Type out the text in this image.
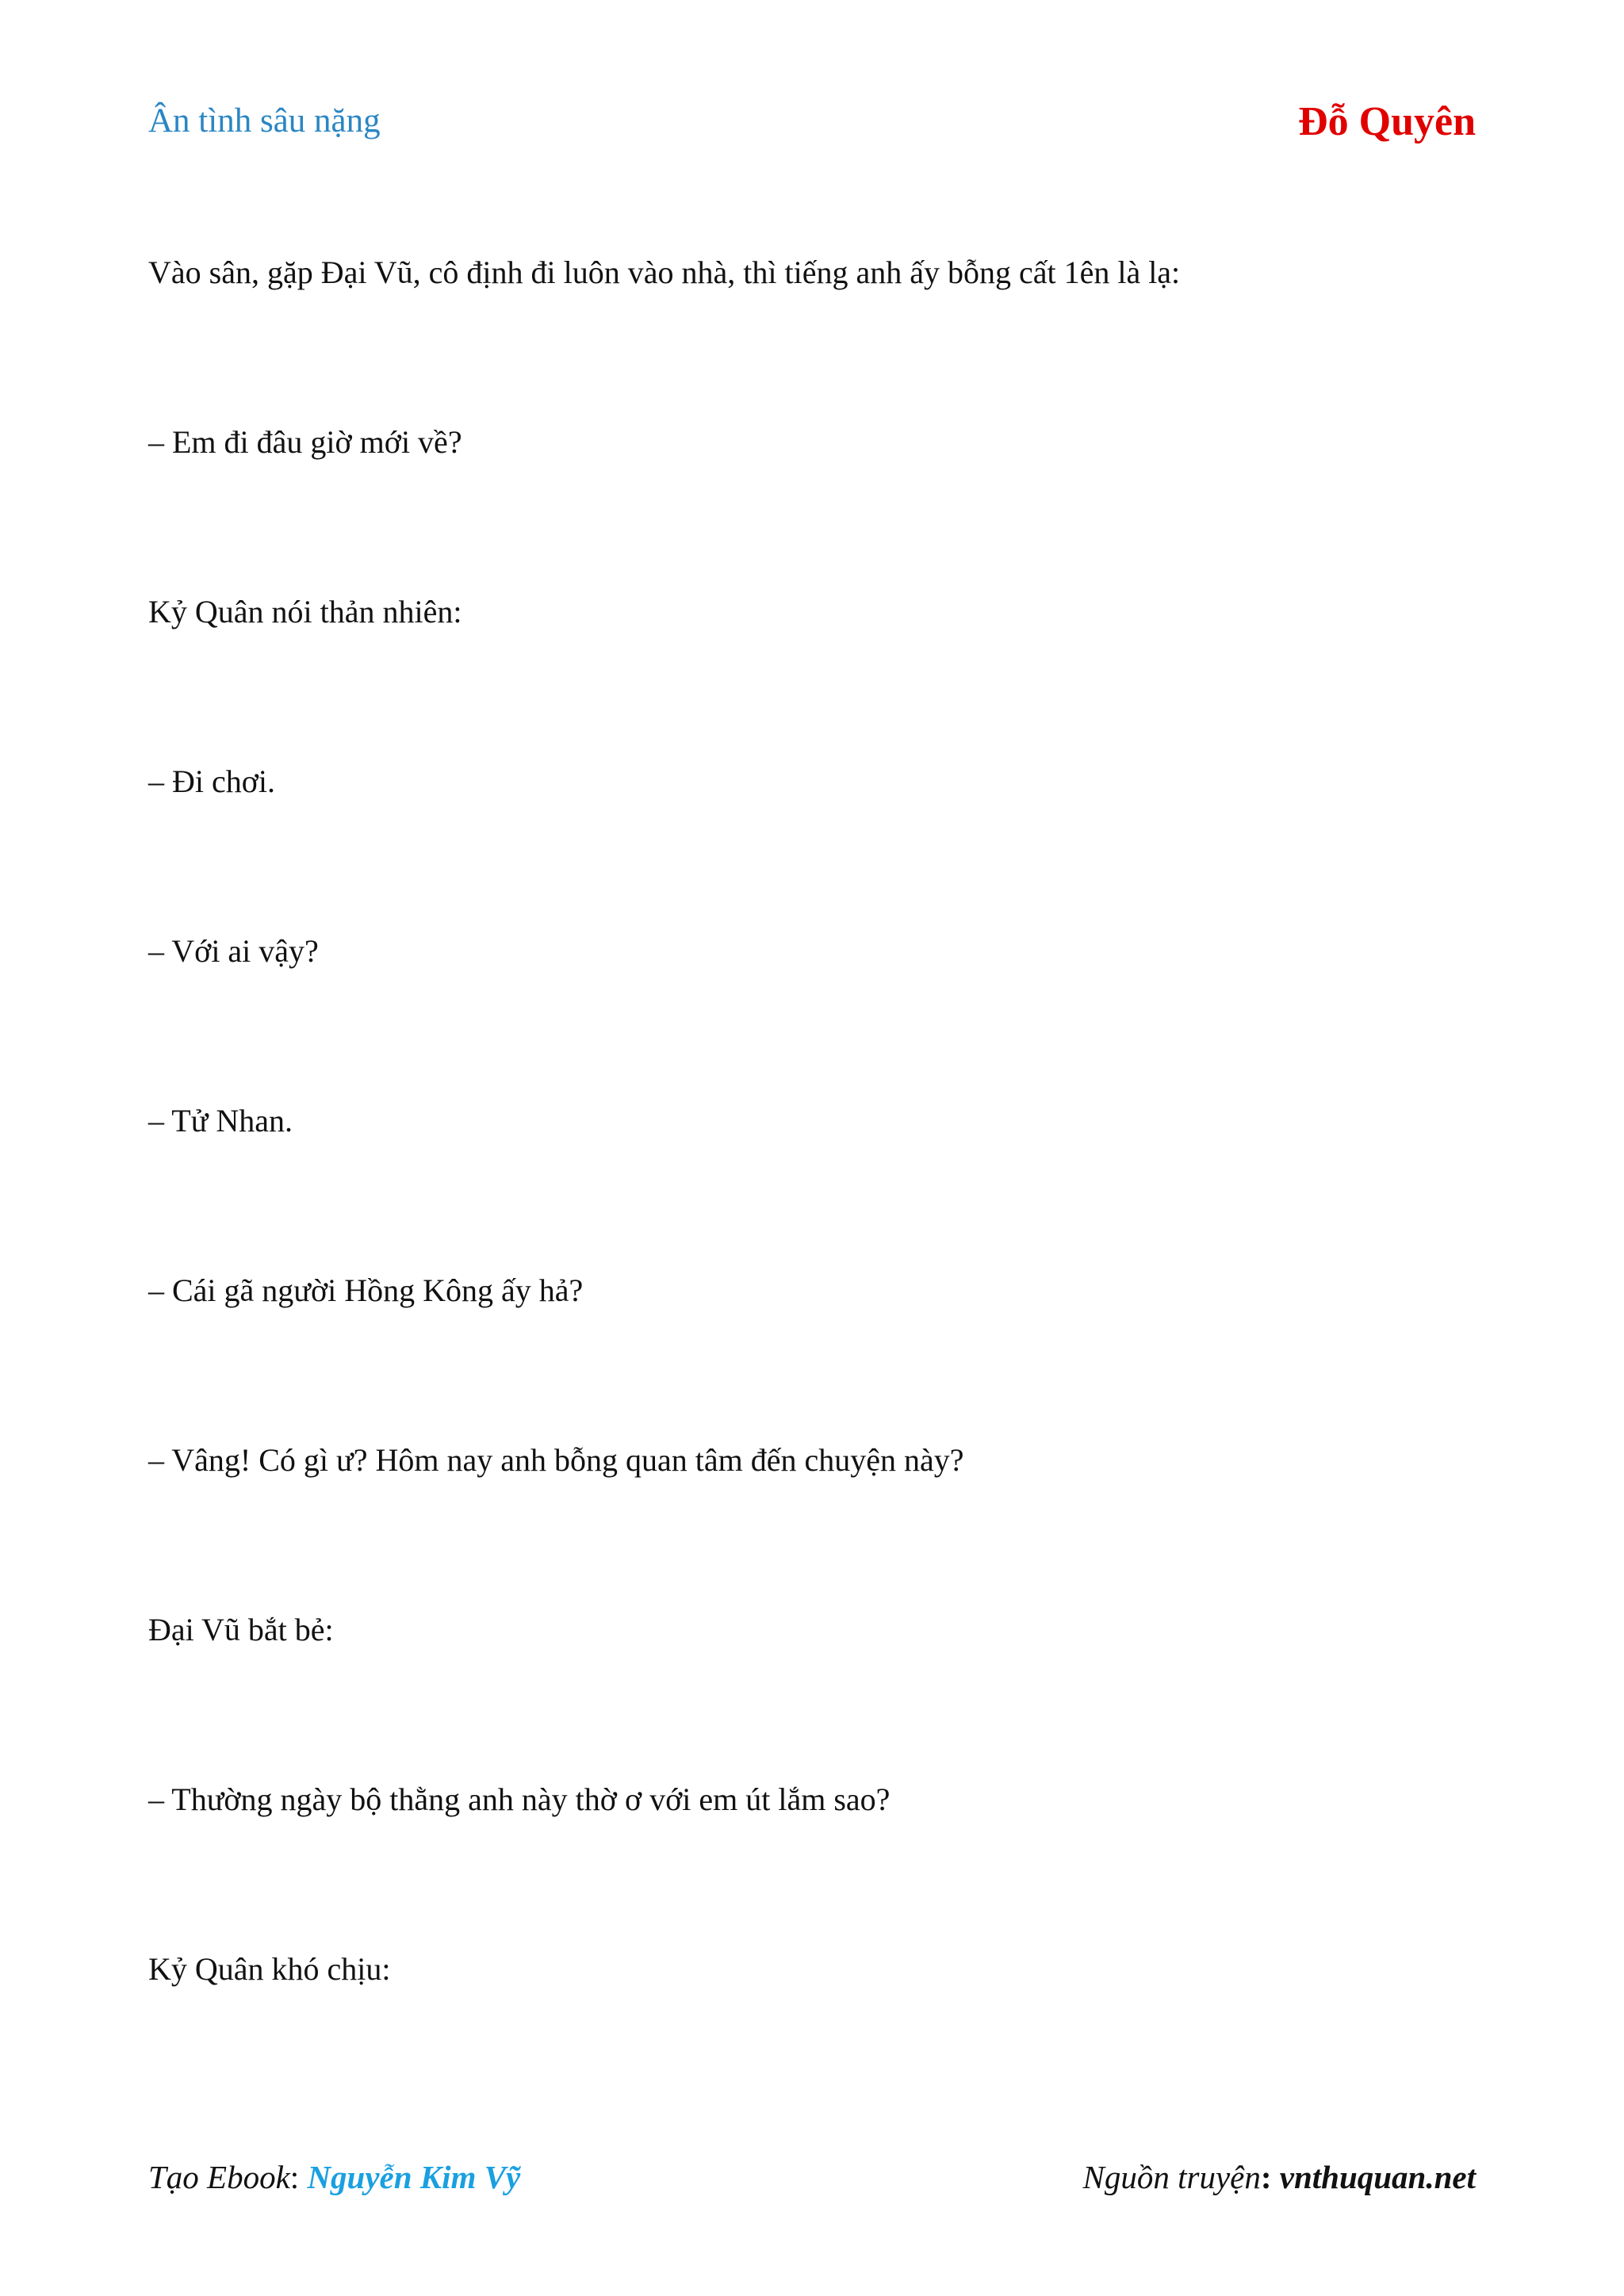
Ân tình sâu nặng	Đỗ Quyên

Vào sân, gặp Đại Vũ, cô định đi luôn vào nhà, thì tiếng anh ấy bỗng cất 1ên là lạ:

– Em đi đâu giờ mới về?

Kỷ Quân nói thản nhiên:

– Đi chơi.

– Với ai vậy?

– Tử Nhan.

– Cái gã người Hồng Kông ấy hả?

– Vâng! Có gì ư? Hôm nay anh bỗng quan tâm đến chuyện này?

Đại Vũ bắt bẻ:

– Thường ngày bộ thằng anh này thờ ơ với em út lắm sao?

Kỷ Quân khó chịu:

Tạo Ebook: Nguyễn Kim Vỹ	Nguồn truyện: vnthuquan.net
